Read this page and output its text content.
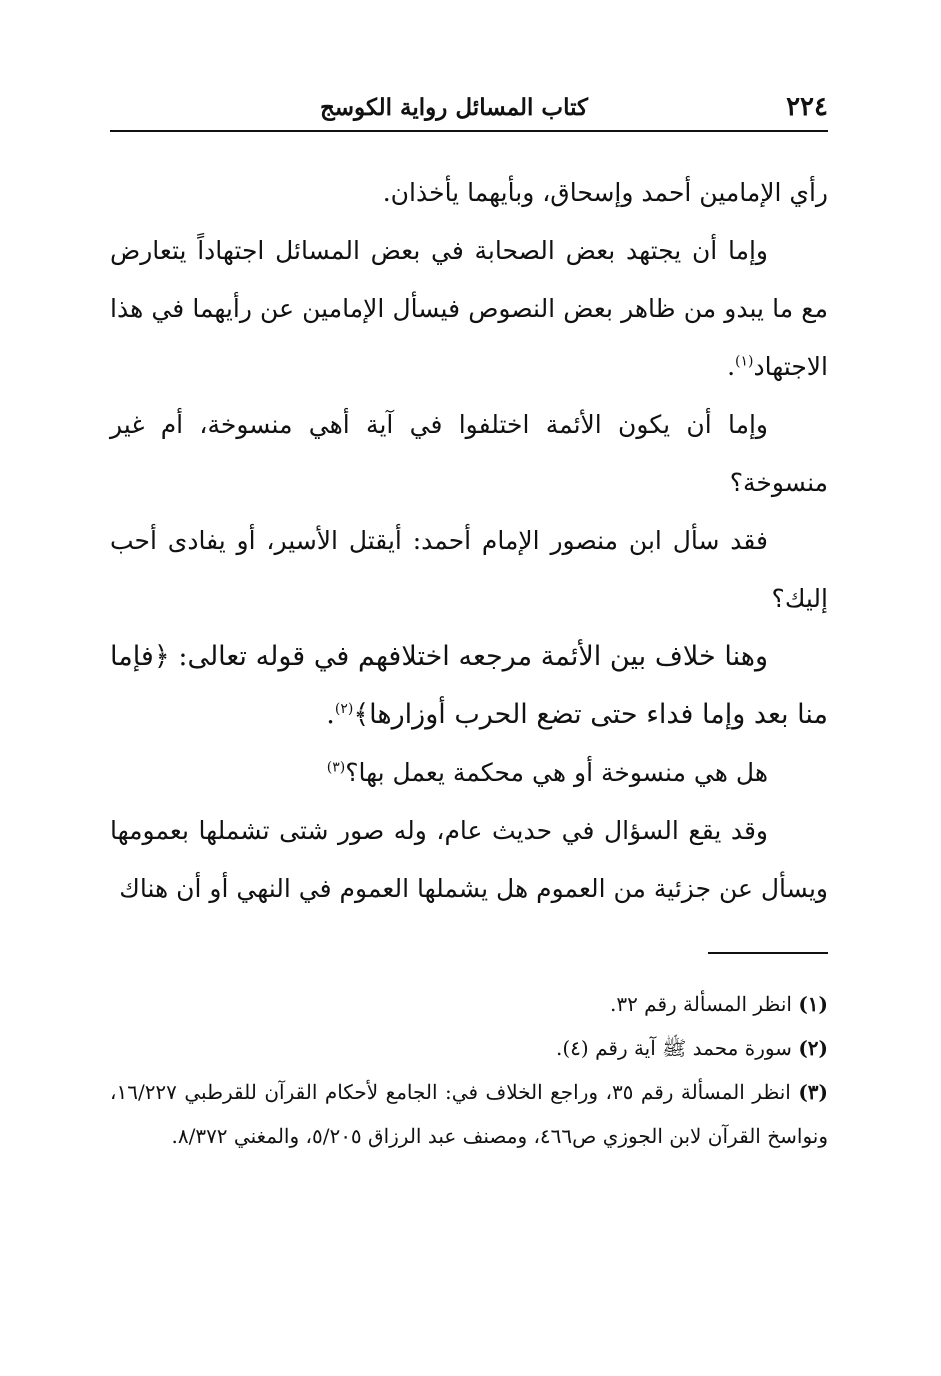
٢٢٤
كتاب المسائل رواية الكوسج

رأي الإمامين أحمد وإسحاق، وبأيهما يأخذان.

وإما أن يجتهد بعض الصحابة في بعض المسائل اجتهاداً يتعارض مع ما يبدو من ظاهر بعض النصوص فيسأل الإمامين عن رأيهما في هذا الاجتهاد$^{(١)}$.

وإما أن يكون الأئمة اختلفوا في آية أهي منسوخة، أم غير منسوخة؟

فقد سأل ابن منصور الإمام أحمد: أيقتل الأسير، أو يفادى أحب إليك؟

وهنا خلاف بين الأئمة مرجعه اختلافهم في قوله تعالى: ﴿فإما منا بعد وإما فداء حتى تضع الحرب أوزارها﴾$^{(٢)}$.

هل هي منسوخة أو هي محكمة يعمل بها؟$^{(٣)}$

وقد يقع السؤال في حديث عام، وله صور شتى تشملها بعمومها ويسأل عن جزئية من العموم هل يشملها العموم في النهي أو أن هناك

(١) انظر المسألة رقم ٣٢.

(٢) سورة محمد ﷺ آية رقم (٤).

(٣) انظر المسألة رقم ٣٥، وراجع الخلاف في: الجامع لأحكام القرآن للقرطبي ١٦/٢٢٧، ونواسخ القرآن لابن الجوزي ص٤٦٦، ومصنف عبد الرزاق ٥/٢٠٥، والمغني ٨/٣٧٢.
